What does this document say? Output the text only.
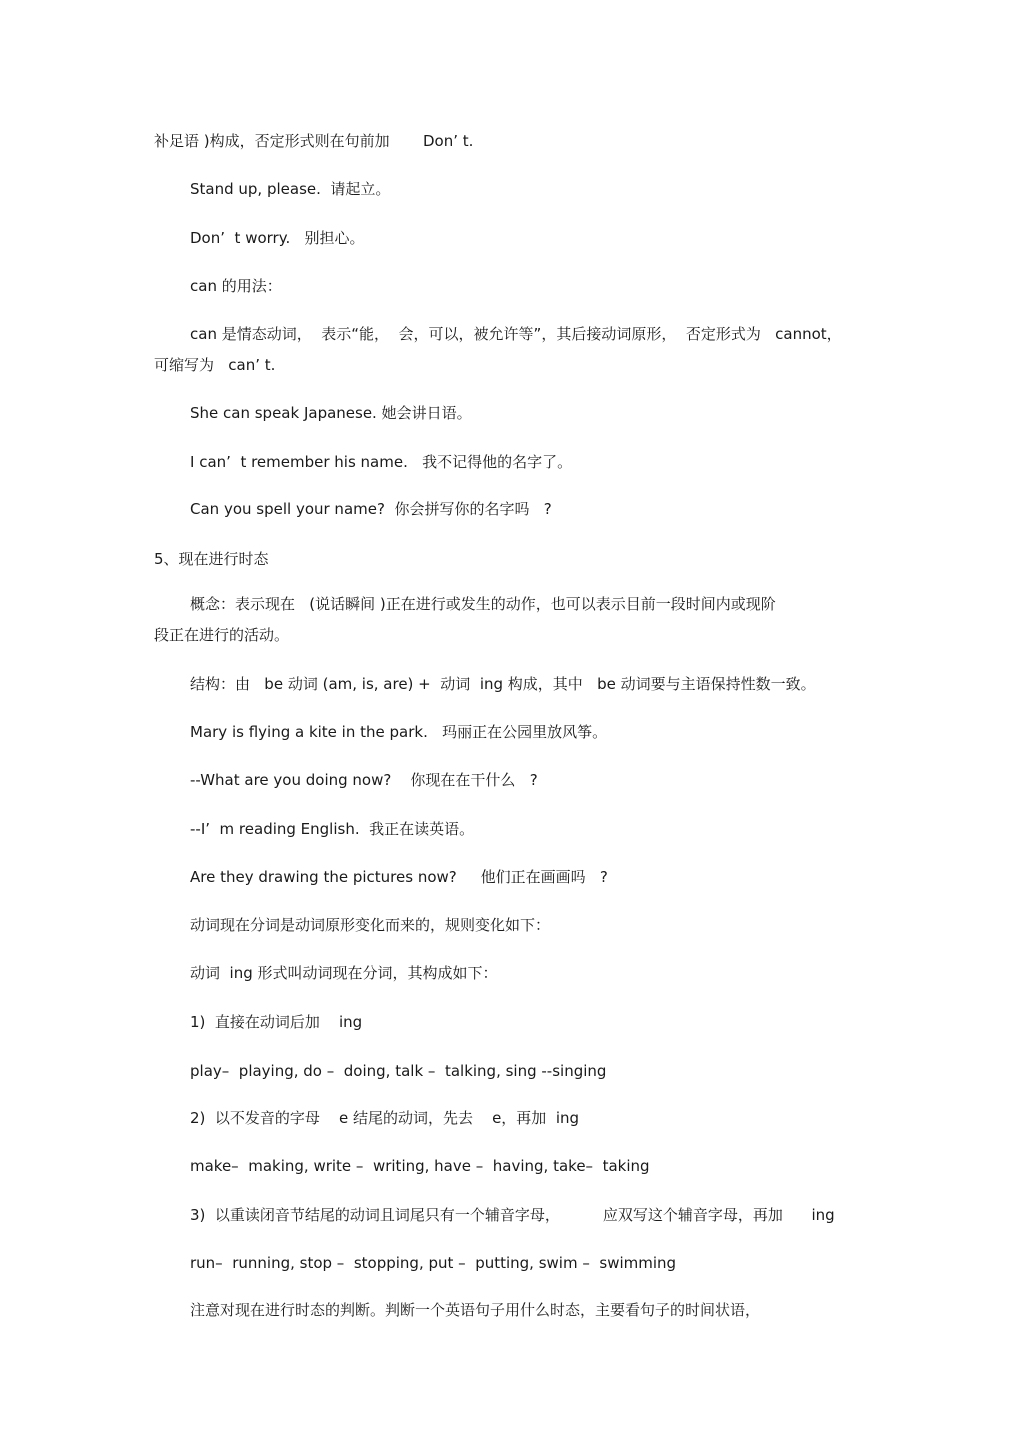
补足语 )构成，否定形式则在句前加       Don’ t.

Stand up, please.  请起立。

Don’  t worry.   别担心。

can 的用法：

can 是情态动词，  表示“能，  会，可以，被允许等”，其后接动词原形，  否定形式为   cannot，

可缩写为   can’ t.

She can speak Japanese. 她会讲日语。

I can’  t remember his name.   我不记得他的名字了。

Can you spell your name?  你会拼写你的名字吗   ?

5、现在进行时态

概念：表示现在   (说话瞬间 )正在进行或发生的动作，也可以表示目前一段时间内或现阶

段正在进行的活动。

结构：由   be 动词 (am, is, are) +  动词  ing 构成，其中   be 动词要与主语保持性数一致。

Mary is flying a kite in the park.   玛丽正在公园里放风筝。

--What are you doing now?    你现在在干什么   ?

--I’  m reading English.  我正在读英语。

Are they drawing the pictures now?     他们正在画画吗   ?

动词现在分词是动词原形变化而来的，规则变化如下：

动词  ing 形式叫动词现在分词，其构成如下：

1)  直接在动词后加    ing

play–  playing, do –  doing, talk –  talking, sing --singing

2)  以不发音的字母    e 结尾的动词，先去    e，再加  ing

make–  making, write –  writing, have –  having, take–  taking

3)  以重读闭音节结尾的动词且词尾只有一个辅音字母，         应双写这个辅音字母，再加      ing

run–  running, stop –  stopping, put –  putting, swim –  swimming

注意对现在进行时态的判断。判断一个英语句子用什么时态，主要看句子的时间状语，
